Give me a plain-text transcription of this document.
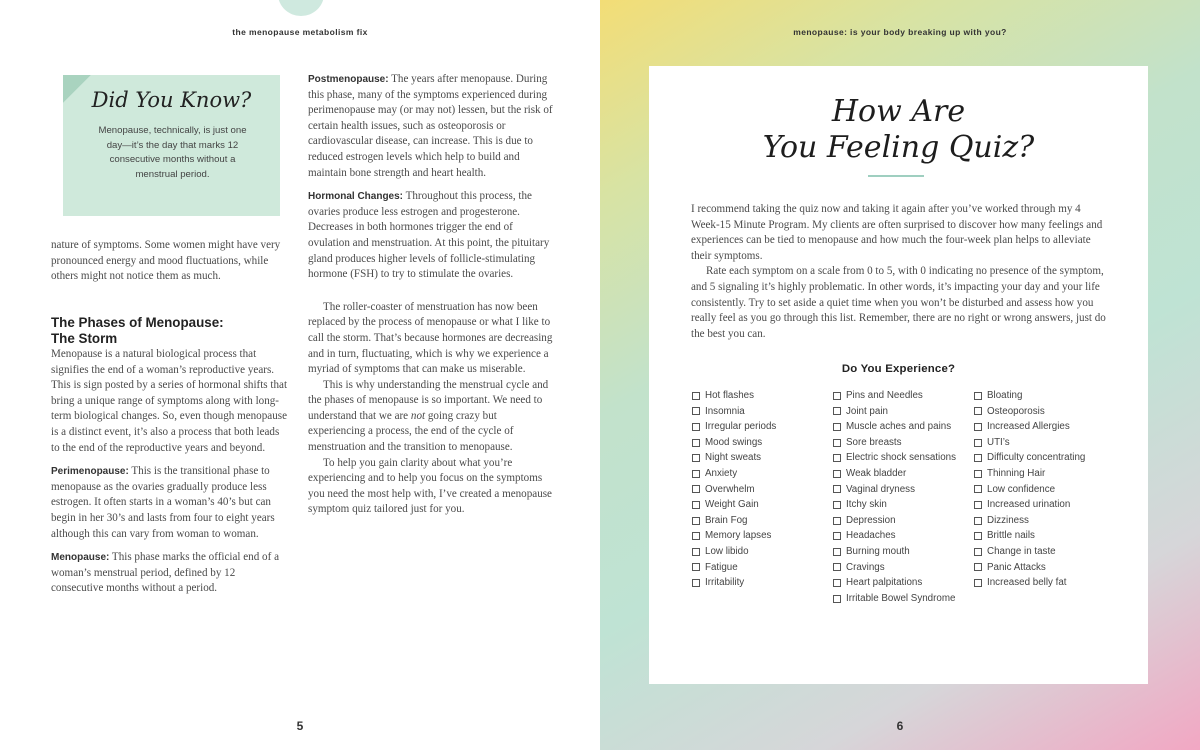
the menopause metabolism fix
Did You Know?
Menopause, technically, is just one day—it’s the day that marks 12 consecutive months without a menstrual period.

nature of symptoms. Some women might have very pronounced energy and mood fluctuations, while others might not notice them as much.

The Phases of Menopause:
The Storm

Menopause is a natural biological process that signifies the end of a woman’s reproductive years. This is sign posted by a series of hormonal shifts that bring a unique range of symptoms along with long-term biological changes. So, even though menopause is a distinct event, it’s also a process that both leads to the end of the reproductive years and beyond.

Perimenopause: This is the transitional phase to menopause as the ovaries gradually produce less estrogen. It often starts in a woman’s 40’s but can begin in her 30’s and lasts from four to eight years although this can vary from woman to woman.

Menopause: This phase marks the official end of a woman’s menstrual period, defined by 12 consecutive months without a period.

Postmenopause: The years after menopause. During this phase, many of the symptoms experienced during perimenopause may (or may not) lessen, but the risk of certain health issues, such as osteoporosis or cardiovascular disease, can increase. This is due to reduced estrogen levels which help to build and maintain bone strength and heart health.

Hormonal Changes: Throughout this process, the ovaries produce less estrogen and progesterone. Decreases in both hormones trigger the end of ovulation and menstruation. At this point, the pituitary gland produces higher levels of follicle-stimulating hormone (FSH) to try to stimulate the ovaries.

The roller-coaster of menstruation has now been replaced by the process of menopause or what I like to call the storm. That’s because hormones are decreasing and in turn, fluctuating, which is why we experience a myriad of symptoms that can make us miserable.

This is why understanding the menstrual cycle and the phases of menopause is so important. We need to understand that we are not going crazy but experiencing a process, the end of the cycle of menstruation and the transition to menopause.

To help you gain clarity about what you’re experiencing and to help you focus on the symptoms you need the most help with, I’ve created a menopause symptom quiz tailored just for you.

5
menopause: is your body breaking up with you?
6
How Are
You Feeling Quiz?

I recommend taking the quiz now and taking it again after you’ve worked through my 4 Week-15 Minute Program. My clients are often surprised to discover how many feelings and experiences can be tied to menopause and how much the four-week plan helps to alleviate their symptoms.

Rate each symptom on a scale from 0 to 5, with 0 indicating no presence of the symptom, and 5 signaling it’s highly problematic. In other words, it’s impacting your day and your life consistently. Try to set aside a quiet time when you won’t be disturbed and assess how you really feel as you go through this list. Remember, there are no right or wrong answers, just do the best you can.

Do You Experience?
Hot flashes
Insomnia
Irregular periods
Mood swings
Night sweats
Anxiety
Overwhelm
Weight Gain
Brain Fog
Memory lapses
Low libido
Fatigue
Irritability
Pins and Needles
Joint pain
Muscle aches and pains
Sore breasts
Electric shock sensations
Weak bladder
Vaginal dryness
Itchy skin
Depression
Headaches
Burning mouth
Cravings
Heart palpitations
Irritable Bowel Syndrome
Bloating
Osteoporosis
Increased Allergies
UTI’s
Difficulty concentrating
Thinning Hair
Low confidence
Increased urination
Dizziness
Brittle nails
Change in taste
Panic Attacks
Increased belly fat
